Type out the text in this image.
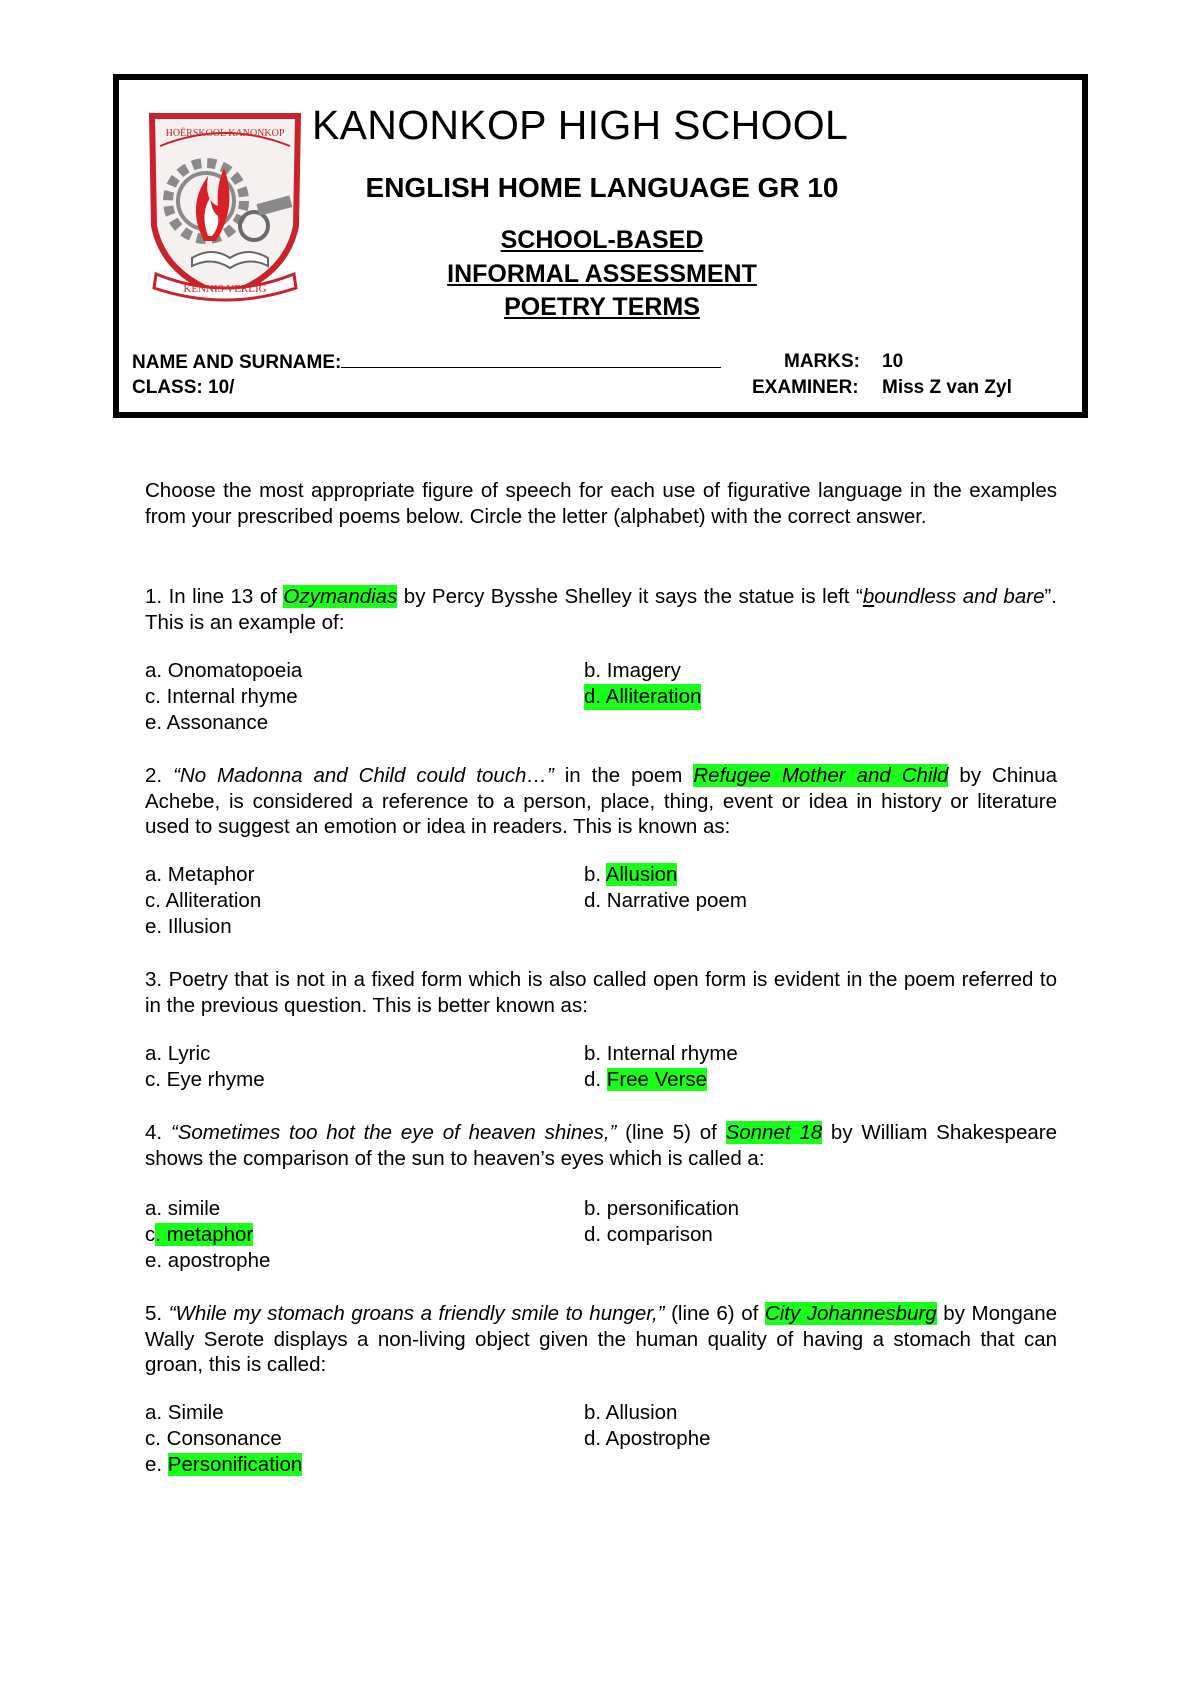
HOËRSKOOL KANONKOP
KENNIS VERLIG
KANONKOP HIGH SCHOOL
ENGLISH HOME LANGUAGE GR 10
SCHOOL-BASED
INFORMAL ASSESSMENT
POETRY TERMS
NAME AND SURNAME:
CLASS: 10/
MARKS: 10
EXAMINER: Miss Z van Zyl
Choose the most appropriate figure of speech for each use of figurative language in the examples from your prescribed poems below. Circle the letter (alphabet) with the correct answer.
1. In line 13 of Ozymandias by Percy Bysshe Shelley it says the statue is left “boundless and bare”. This is an example of:
a. Onomatopoeia	b. Imagery
c. Internal rhyme	d. Alliteration
e. Assonance
2. “No Madonna and Child could touch…” in the poem Refugee Mother and Child by Chinua Achebe, is considered a reference to a person, place, thing, event or idea in history or literature used to suggest an emotion or idea in readers. This is known as:
a. Metaphor	b. Allusion
c. Alliteration	d. Narrative poem
e. Illusion
3. Poetry that is not in a fixed form which is also called open form is evident in the poem referred to in the previous question. This is better known as:
a. Lyric	b. Internal rhyme
c. Eye rhyme	d. Free Verse
4. “Sometimes too hot the eye of heaven shines,” (line 5) of Sonnet 18 by William Shakespeare shows the comparison of the sun to heaven’s eyes which is called a:
a. simile	b. personification
c. metaphor	d. comparison
e. apostrophe
5. “While my stomach groans a friendly smile to hunger,” (line 6) of City Johannesburg by Mongane Wally Serote displays a non-living object given the human quality of having a stomach that can groan, this is called:
a. Simile	b. Allusion
c. Consonance	d. Apostrophe
e. Personification
